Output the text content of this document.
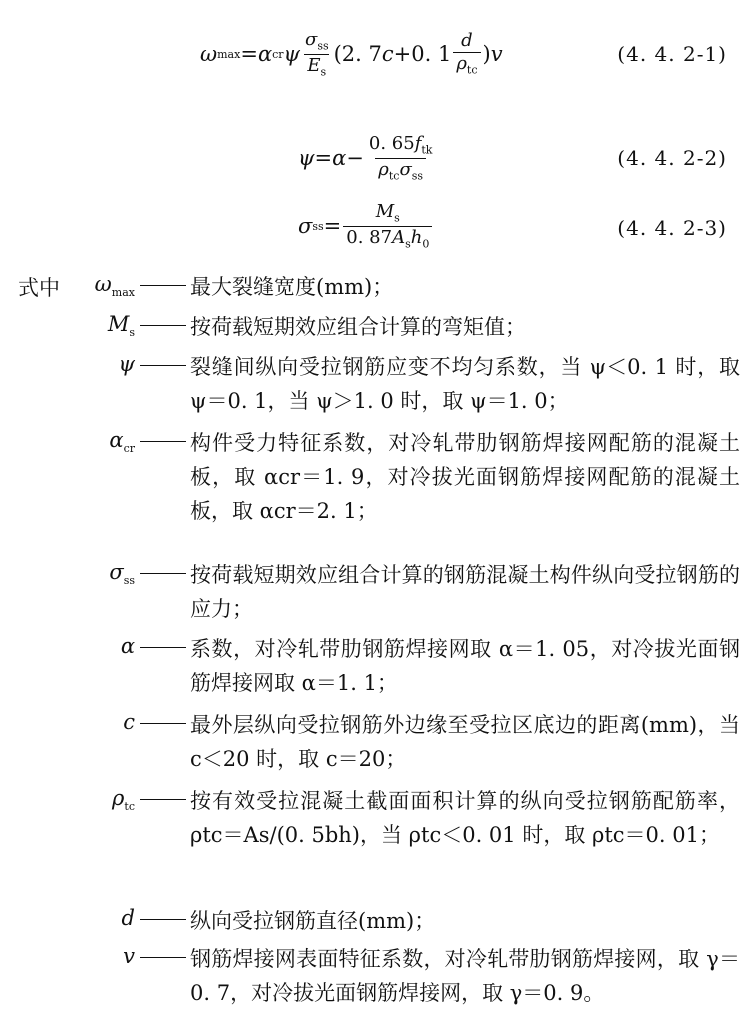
ω max = α cr ψ $\frac{\sigma_{ss}}{E_s} (2$. 7 c +0. $1 \frac{d}{\rho_{tc}}$ ) v	(4. 4. 2-1)
$\psi = \alpha - \frac{0. 65f_{tk}}{\rho_{tc}\sigma_{ss}}$	(4. 4. 2-2)
σ ss = $\frac{M_s}{0. 87A_sh_0}$	(4. 4. 2-3)
式中 $\omega_{max}$	最大裂缝宽度(mm)；
$M_s$	按荷载短期效应组合计算的弯矩值；
ψ	裂缝间纵向受拉钢筋应变不均匀系数，当 ψ＜0. 1 时，取 ψ＝0. 1，当 ψ＞1. 0 时，取 ψ＝1. 0；
$\alpha_{cr}$	构件受力特征系数，对冷轧带肋钢筋焊接网配筋的混凝土板，取 αcr＝1. 9，对冷拔光面钢筋焊接网配筋的混凝土板，取 αcr＝2. 1；
$\sigma_{ss}$	按荷载短期效应组合计算的钢筋混凝土构件纵向受拉钢筋的应力；
α	系数，对冷轧带肋钢筋焊接网取 α＝1. 05，对冷拔光面钢筋焊接网取 α＝1. 1；
c	最外层纵向受拉钢筋外边缘至受拉区底边的距离(mm)，当 c＜20 时，取 c＝20；
$\rho_{tc}$	按有效受拉混凝土截面面积计算的纵向受拉钢筋配筋率，ρtc＝As/(0. 5bh)，当 ρtc＜0. 01 时，取 ρtc＝0. 01；
d	纵向受拉钢筋直径(mm)；
v	钢筋焊接网表面特征系数，对冷轧带肋钢筋焊接网，取 γ＝0. 7，对冷拔光面钢筋焊接网，取 γ＝0. 9。
